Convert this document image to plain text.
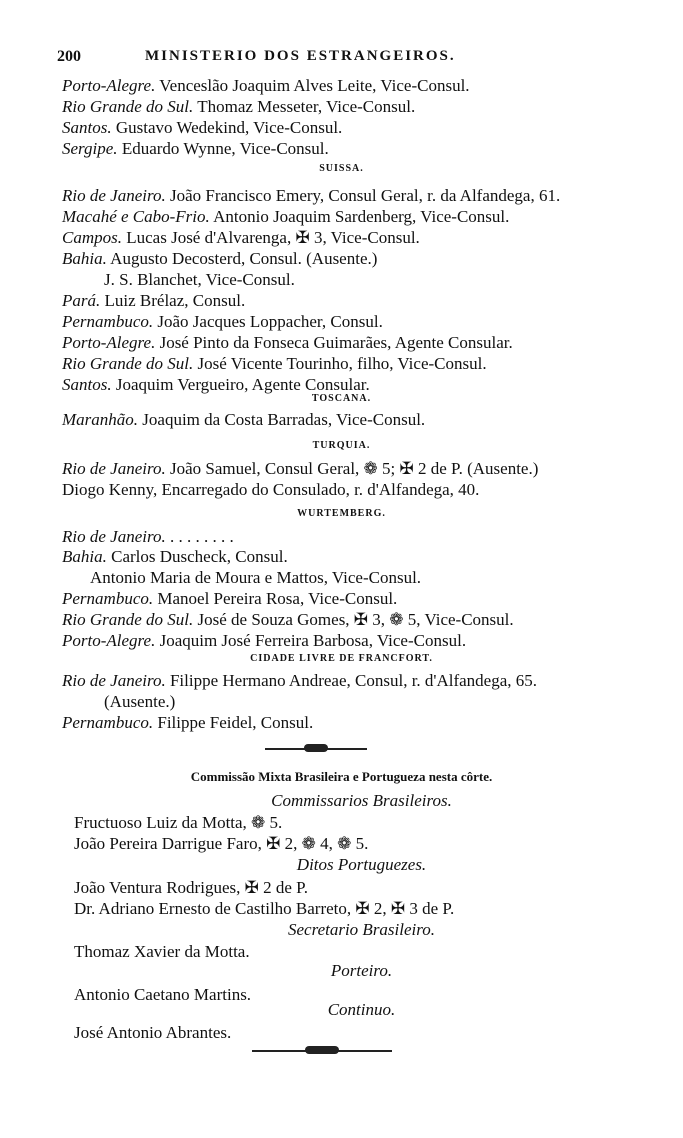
200	MINISTERIO DOS ESTRANGEIROS.
Porto-Alegre. Venceslão Joaquim Alves Leite, Vice-Consul.
Rio Grande do Sul. Thomaz Messeter, Vice-Consul.
Santos. Gustavo Wedekind, Vice-Consul.
Sergipe. Eduardo Wynne, Vice-Consul.
SUISSA.
Rio de Janeiro. João Francisco Emery, Consul Geral, r. da Alfandega, 61.
Macahé e Cabo-Frio. Antonio Joaquim Sardenberg, Vice-Consul.
Campos. Lucas José d'Alvarenga, ✠ 3, Vice-Consul.
Bahia. Augusto Decosterd, Consul. (Ausente.)
J. S. Blanchet, Vice-Consul.
Pará. Luiz Brélaz, Consul.
Pernambuco. João Jacques Loppacher, Consul.
Porto-Alegre. José Pinto da Fonseca Guimarães, Agente Consular.
Rio Grande do Sul. José Vicente Tourinho, filho, Vice-Consul.
Santos. Joaquim Vergueiro, Agente Consular.
TOSCANA.
Maranhão. Joaquim da Costa Barradas, Vice-Consul.
TURQUIA.
Rio de Janeiro. João Samuel, Consul Geral, ❁ 5; ✠ 2 de P. (Ausente.)
Diogo Kenny, Encarregado do Consulado, r. d'Alfandega, 40.
WURTEMBERG.
Rio de Janeiro. . . . . . . . .
Bahia. Carlos Duscheck, Consul.
Antonio Maria de Moura e Mattos, Vice-Consul.
Pernambuco. Manoel Pereira Rosa, Vice-Consul.
Rio Grande do Sul. José de Souza Gomes, ✠ 3, ❁ 5, Vice-Consul.
Porto-Alegre. Joaquim José Ferreira Barbosa, Vice-Consul.
CIDADE LIVRE DE FRANCFORT.
Rio de Janeiro. Filippe Hermano Andreae, Consul, r. d'Alfandega, 65.
(Ausente.)
Pernambuco. Filippe Feidel, Consul.
Commissão Mixta Brasileira e Portugueza nesta côrte.
Commissarios Brasileiros.
Fructuoso Luiz da Motta, ❁ 5.
João Pereira Darrigue Faro, ✠ 2, ❁ 4, ❁ 5.
Ditos Portuguezes.
João Ventura Rodrigues, ✠ 2 de P.
Dr. Adriano Ernesto de Castilho Barreto, ✠ 2, ✠ 3 de P.
Secretario Brasileiro.
Thomaz Xavier da Motta.
Porteiro.
Antonio Caetano Martins.
Continuo.
José Antonio Abrantes.
